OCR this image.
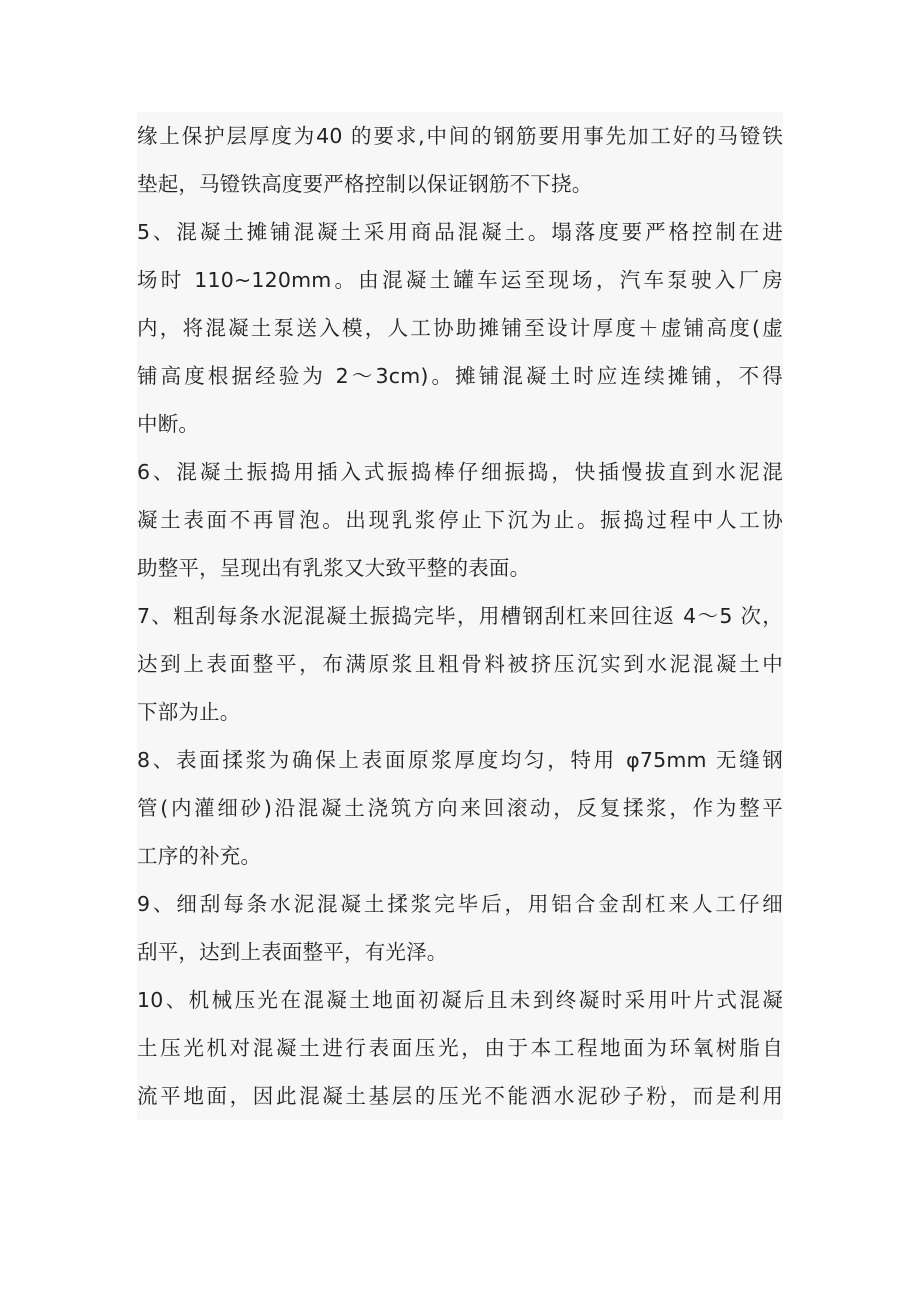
缘上保护层厚度为40 的要求,中间的钢筋要用事先加工好的马镫铁
垫起，马镫铁高度要严格控制以保证钢筋不下挠。
5、混凝土摊铺混凝土采用商品混凝土。塌落度要严格控制在进
场时 110~120mm。由混凝土罐车运至现场，汽车泵驶入厂房
内，将混凝土泵送入模，人工协助摊铺至设计厚度＋虚铺高度(虚
铺高度根据经验为 2～3cm)。摊铺混凝土时应连续摊铺，不得
中断。
6、混凝土振捣用插入式振捣棒仔细振捣，快插慢拔直到水泥混
凝土表面不再冒泡。出现乳浆停止下沉为止。振捣过程中人工协
助整平，呈现出有乳浆又大致平整的表面。
7、粗刮每条水泥混凝土振捣完毕，用槽钢刮杠来回往返 4～5 次，
达到上表面整平，布满原浆且粗骨料被挤压沉实到水泥混凝土中
下部为止。
8、表面揉浆为确保上表面原浆厚度均匀，特用 φ75mm 无缝钢
管(内灌细砂)沿混凝土浇筑方向来回滚动，反复揉浆，作为整平
工序的补充。
9、细刮每条水泥混凝土揉浆完毕后，用铝合金刮杠来人工仔细
刮平，达到上表面整平，有光泽。
10、机械压光在混凝土地面初凝后且未到终凝时采用叶片式混凝
土压光机对混凝土进行表面压光，由于本工程地面为环氧树脂自
流平地面，因此混凝土基层的压光不能洒水泥砂子粉，而是利用
